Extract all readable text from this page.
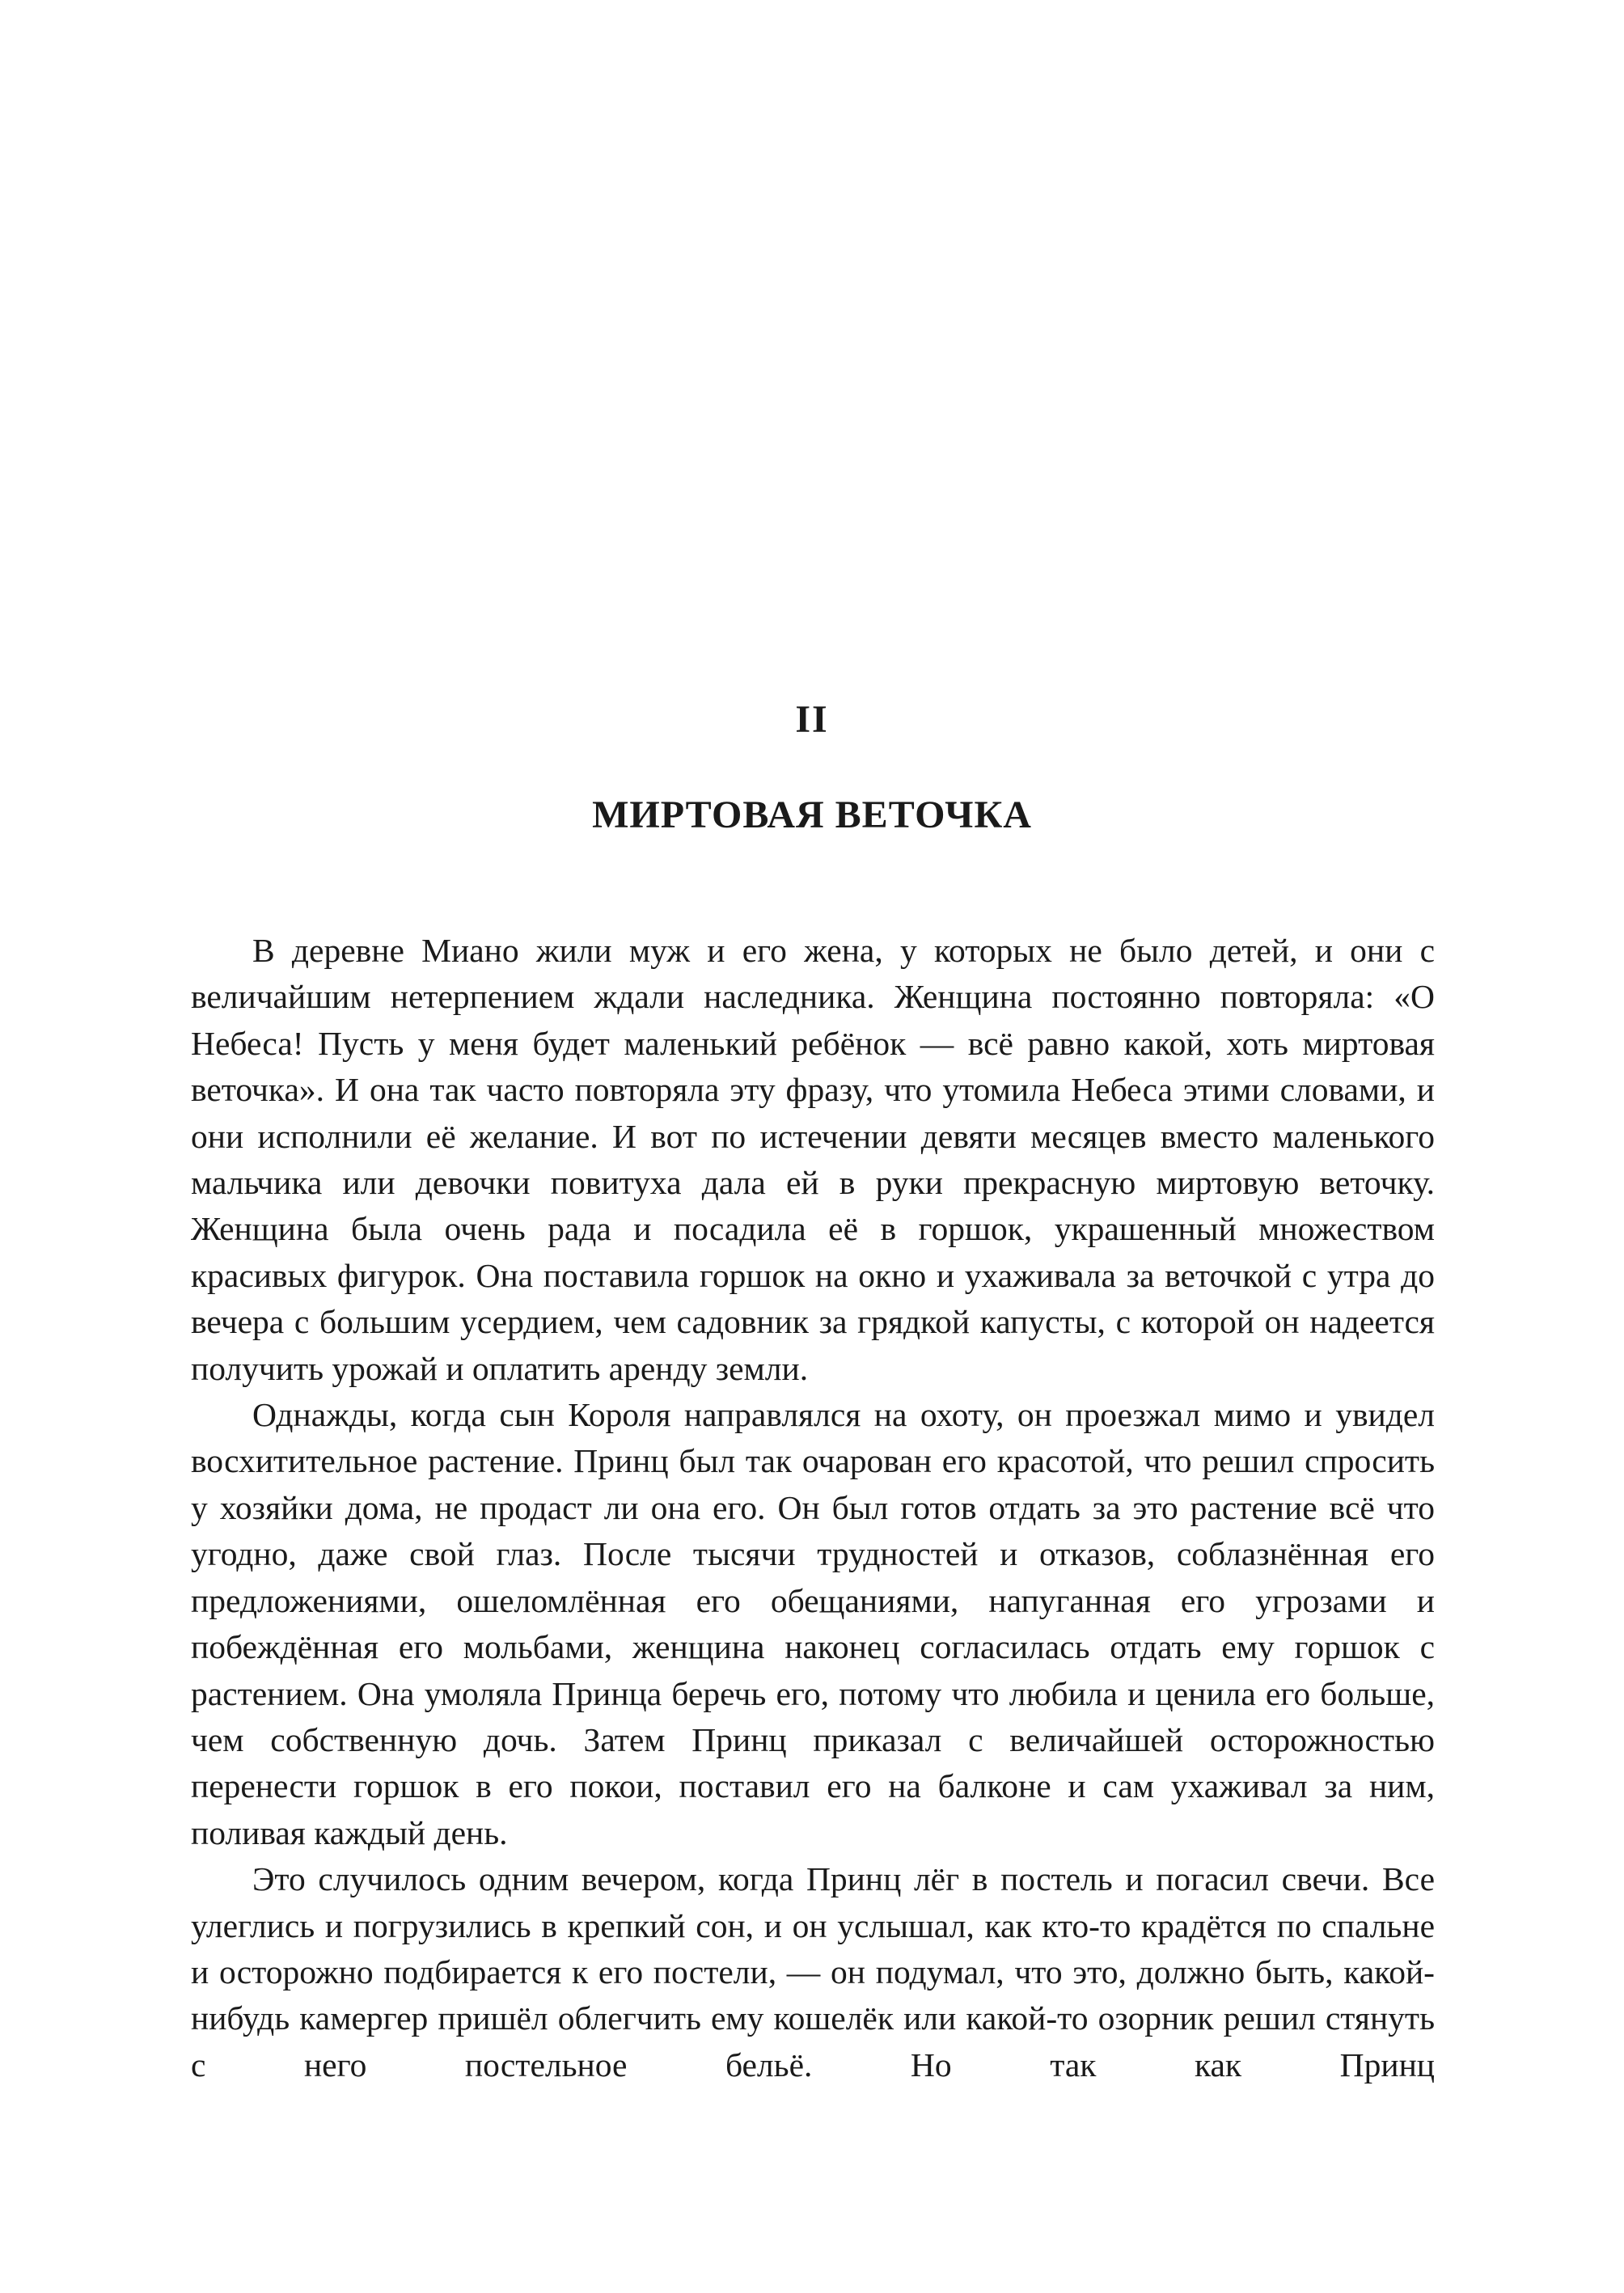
II
МИРТОВАЯ ВЕТОЧКА

В деревне Миано жили муж и его жена, у которых не было детей, и они с величайшим нетерпением ждали наследника. Женщина постоянно повторяла: «О Небеса! Пусть у меня будет маленький ребёнок — всё равно какой, хоть миртовая веточка». И она так часто повторяла эту фразу, что утомила Небеса этими словами, и они исполнили её желание. И вот по истечении девяти месяцев вместо маленького мальчика или девочки повитуха дала ей в руки прекрасную миртовую веточку. Женщина была очень рада и посадила её в горшок, украшенный множеством красивых фигурок. Она поставила горшок на окно и ухаживала за веточкой с утра до вечера с большим усердием, чем садовник за грядкой капусты, с которой он надеется получить урожай и оплатить аренду земли.

Однажды, когда сын Короля направлялся на охоту, он проезжал мимо и увидел восхитительное растение. Принц был так очарован его красотой, что решил спросить у хозяйки дома, не продаст ли она его. Он был готов отдать за это растение всё что угодно, даже свой глаз. После тысячи трудностей и отказов, соблазнённая его предложениями, ошеломлённая его обещаниями, напуганная его угрозами и побеждённая его мольбами, женщина наконец согласилась отдать ему горшок с растением. Она умоляла Принца беречь его, потому что любила и ценила его больше, чем собственную дочь. Затем Принц приказал с величайшей осторожностью перенести горшок в его покои, поставил его на балконе и сам ухаживал за ним, поливая каждый день.

Это случилось одним вечером, когда Принц лёг в постель и погасил свечи. Все улеглись и погрузились в крепкий сон, и он услышал, как кто-то крадётся по спальне и осторожно подбирается к его постели, — он подумал, что это, должно быть, какой-нибудь камергер пришёл облегчить ему кошелёк или какой-то озорник решил стянуть с него постельное бельё. Но так как Принц
